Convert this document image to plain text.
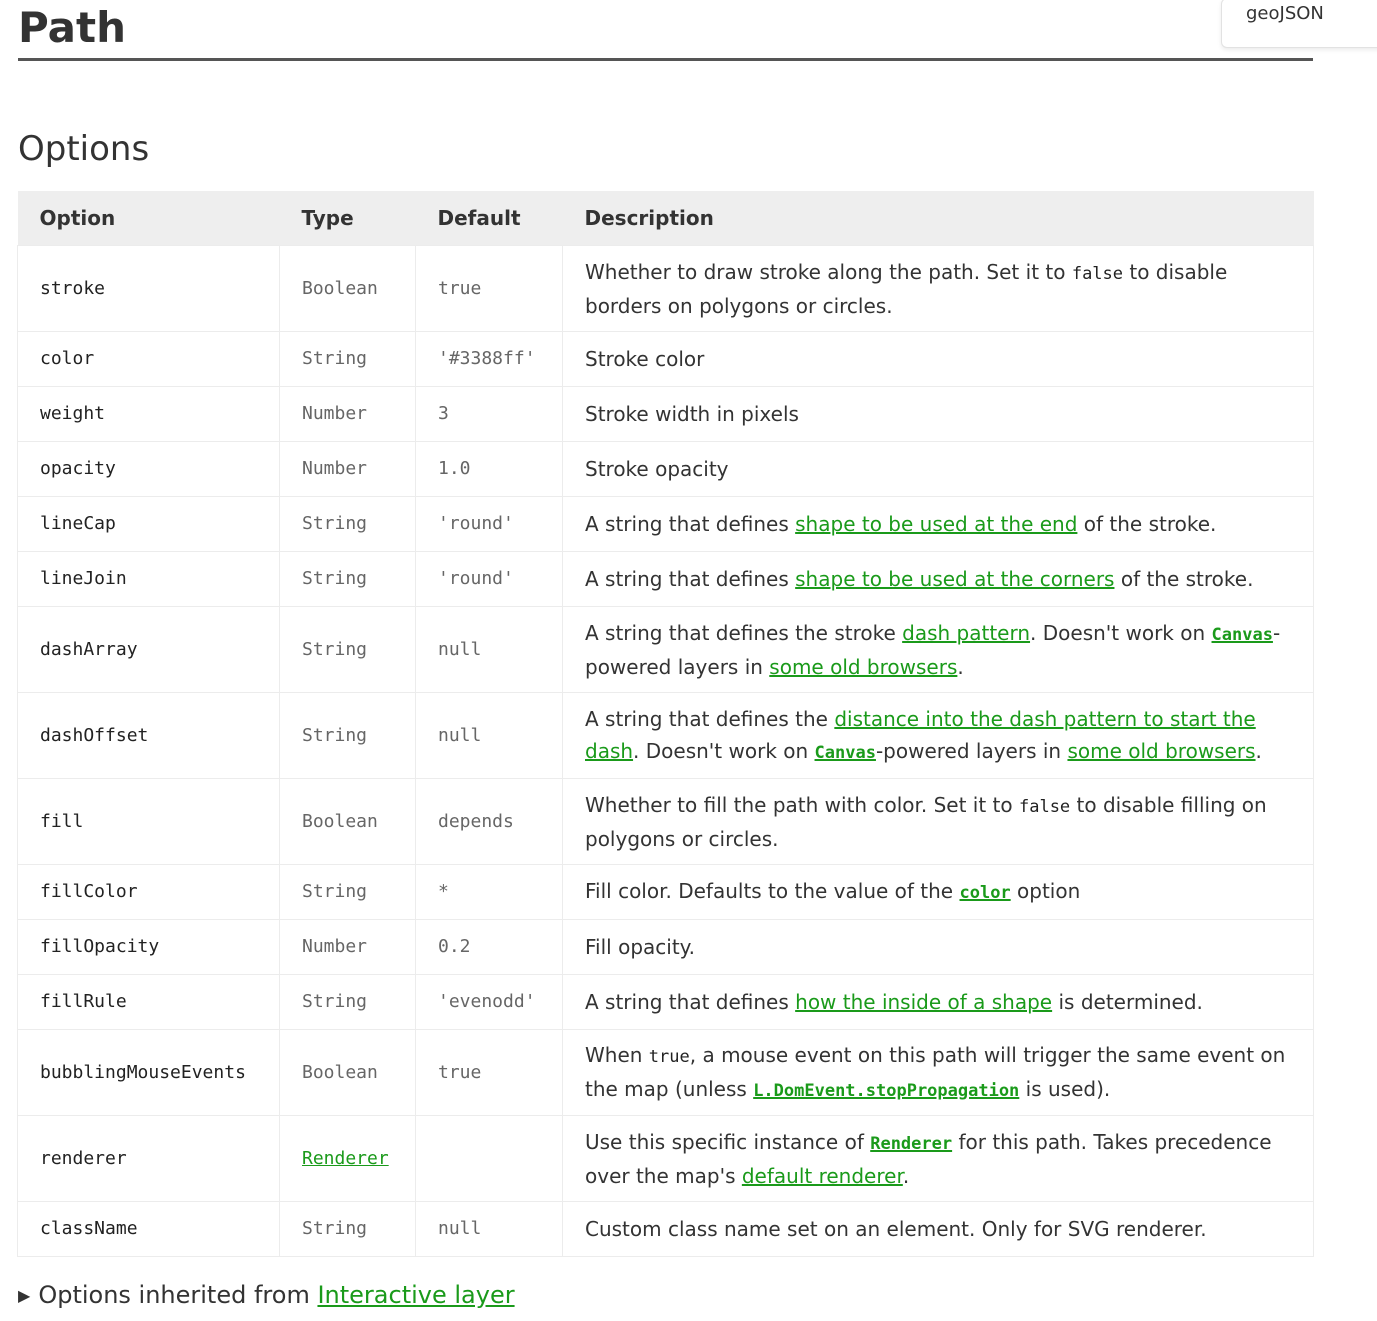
Path	geoJSON
Options
Option	Type	Default	Description
stroke	Boolean	true	Whether to draw stroke along the path. Set it to false to disable borders on polygons or circles.
color	String	'#3388ff'	Stroke color
weight	Number	3	Stroke width in pixels
opacity	Number	1.0	Stroke opacity
lineCap	String	'round'	A string that defines shape to be used at the end of the stroke.
lineJoin	String	'round'	A string that defines shape to be used at the corners of the stroke.
dashArray	String	null	A string that defines the stroke dash pattern. Doesn't work on Canvas-powered layers in some old browsers.
dashOffset	String	null	A string that defines the distance into the dash pattern to start the dash. Doesn't work on Canvas-powered layers in some old browsers.
fill	Boolean	depends	Whether to fill the path with color. Set it to false to disable filling on polygons or circles.
fillColor	String	*	Fill color. Defaults to the value of the color option
fillOpacity	Number	0.2	Fill opacity.
fillRule	String	'evenodd'	A string that defines how the inside of a shape is determined.
bubblingMouseEvents	Boolean	true	When true, a mouse event on this path will trigger the same event on the map (unless L.DomEvent.stopPropagation is used).
renderer	Renderer		Use this specific instance of Renderer for this path. Takes precedence over the map's default renderer.
className	String	null	Custom class name set on an element. Only for SVG renderer.
▶ Options inherited from Interactive layer
